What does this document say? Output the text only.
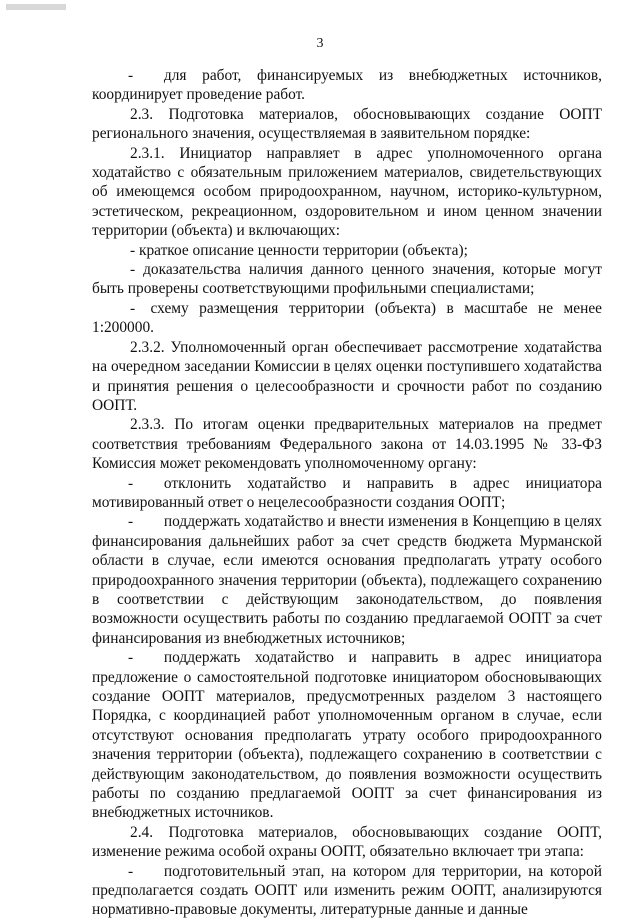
3

-  для работ, финансируемых из внебюджетных источников, координирует проведение работ.

2.3. Подготовка материалов, обосновывающих создание ООПТ регионального значения, осуществляемая в заявительном порядке:

2.3.1. Инициатор направляет в адрес уполномоченного органа ходатайство с обязательным приложением материалов, свидетельствующих об имеющемся особом природоохранном, научном, историко-культурном, эстетическом, рекреационном, оздоровительном и ином ценном значении территории (объекта) и включающих:

- краткое описание ценности территории (объекта);

- доказательства наличия данного ценного значения, которые могут быть проверены соответствующими профильными специалистами;

- схему размещения территории (объекта) в масштабе не менее 1:200000.

2.3.2. Уполномоченный орган обеспечивает рассмотрение ходатайства на очередном заседании Комиссии в целях оценки поступившего ходатайства и принятия решения о целесообразности и срочности работ по созданию ООПТ.

2.3.3. По итогам оценки предварительных материалов на предмет соответствия требованиям Федерального закона от 14.03.1995 № 33-ФЗ Комиссия может рекомендовать уполномоченному органу:

-  отклонить ходатайство и направить в адрес инициатора мотивированный ответ о нецелесообразности создания ООПТ;

-  поддержать ходатайство и внести изменения в Концепцию в целях финансирования дальнейших работ за счет средств бюджета Мурманской области в случае, если имеются основания предполагать утрату особого природоохранного значения территории (объекта), подлежащего сохранению в соответствии с действующим законодательством, до появления возможности осуществить работы по созданию предлагаемой ООПТ за счет финансирования из внебюджетных источников;

-  поддержать ходатайство и направить в адрес инициатора предложение о самостоятельной подготовке инициатором обосновывающих создание ООПТ материалов, предусмотренных разделом 3 настоящего Порядка, с координацией работ уполномоченным органом в случае, если отсутствуют основания предполагать утрату особого природоохранного значения территории (объекта), подлежащего сохранению в соответствии с действующим законодательством, до появления возможности осуществить работы по созданию предлагаемой ООПТ за счет финансирования из внебюджетных источников.

2.4. Подготовка материалов, обосновывающих создание ООПТ, изменение режима особой охраны ООПТ, обязательно включает три этапа:

-  подготовительный этап, на котором для территории, на которой предполагается создать ООПТ или изменить режим ООПТ, анализируются нормативно-правовые документы, литературные данные и данные
